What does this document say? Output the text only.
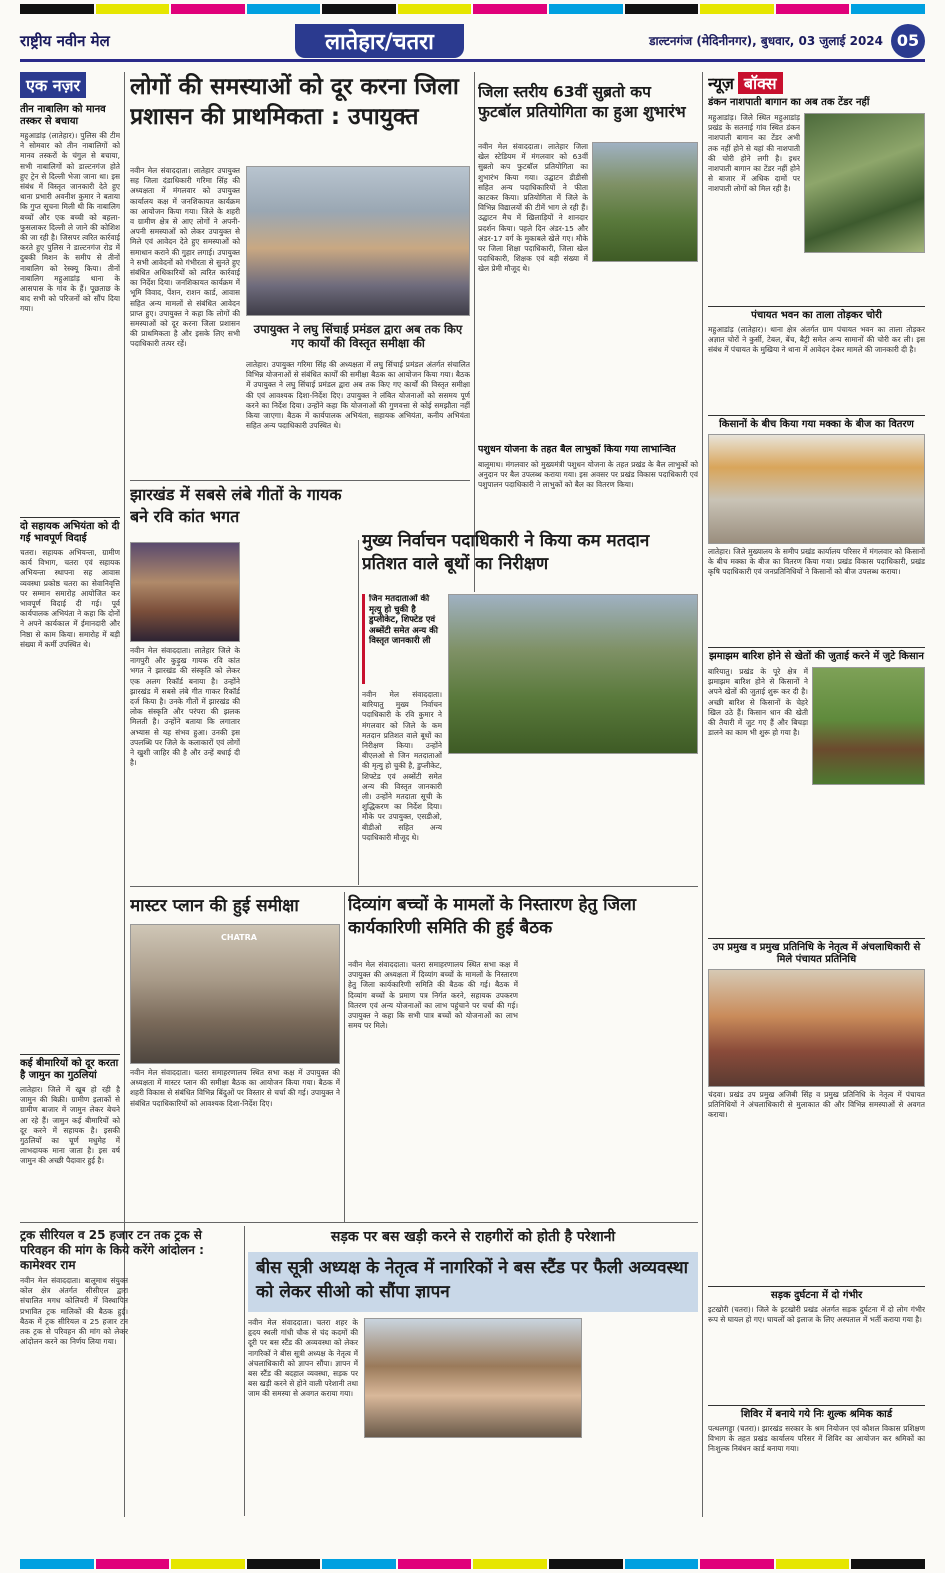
राष्ट्रीय नवीन मेल	लातेहार/चतरा	डाल्टनगंज (मेदिनीनगर), बुधवार, 03 जुलाई 2024 05
एक नज़र
तीन नाबालिग को मानव तस्कर से बचाया
महुआडांड़ (लातेहार)। पुलिस की टीम ने सोमवार को तीन नाबालिगों को मानव तस्करों के चंगुल से बचाया, सभी नाबालिगों को डाल्टनगंज होते हुए ट्रेन से दिल्ली भेजा जाना था। इस संबंध में विस्तृत जानकारी देते हुए थाना प्रभारी अवनीश कुमार ने बताया कि गुप्त सूचना मिली थी कि नाबालिग बच्चों और एक बच्ची को बहला-फुसलाकर दिल्ली ले जाने की कोशिश की जा रही है। जिसपर त्वरित कार्रवाई करते हुए पुलिस ने डाल्टनगंज रोड में दुबकी मिशन के समीप से तीनों नाबालिग को रेस्क्यू किया। तीनों नाबालिग महुआडांड़ थाना के आसपास के गांव के हैं। पूछताछ के बाद सभी को परिजनों को सौंप दिया गया।
दो सहायक अभियंता को दी गई भावपूर्ण विदाई
चतरा। सहायक अभियन्ता, ग्रामीण कार्य विभाग, चतरा एवं सहायक अभियन्ता स्थापना सह आवास व्यवस्था प्रकोष्ठ चतरा का सेवानिवृत्ति पर सम्मान समारोह आयोजित कर भावपूर्ण विदाई दी गई। पूर्व कार्यपालक अभियंता ने कहा कि दोनों ने अपने कार्यकाल में ईमानदारी और निष्ठा से काम किया। समारोह में बड़ी संख्या में कर्मी उपस्थित थे।
कई बीमारियों को दूर करता है जामुन का गुठलियां
लातेहार। जिले में खूब हो रही है जामुन की बिक्री। ग्रामीण इलाकों से ग्रामीण बाजार में जामुन लेकर बेचने आ रहे हैं। जामुन कई बीमारियों को दूर करने में सहायक है। इसकी गुठलियों का चूर्ण मधुमेह में लाभदायक माना जाता है। इस वर्ष जामुन की अच्छी पैदावार हुई है।
लोगों की समस्याओं को दूर करना जिला प्रशासन की प्राथमिकता : उपायुक्त
नवीन मेल संवाददाता। लातेहार उपायुक्त सह जिला दंडाधिकारी गरिमा सिंह की अध्यक्षता में मंगलवार को उपायुक्त कार्यालय कक्ष में जनशिकायत कार्यक्रम का आयोजन किया गया। जिले के शहरी व ग्रामीण क्षेत्र से आए लोगों ने अपनी-अपनी समस्याओं को लेकर उपायुक्त से मिले एवं आवेदन देते हुए समस्याओं को समाधान कराने की गुहार लगाई। उपायुक्त ने सभी आवेदनों को गंभीरता से सुनते हुए संबंधित अधिकारियों को त्वरित कार्रवाई का निर्देश दिया। जनशिकायत कार्यक्रम में भूमि विवाद, पेंशन, राशन कार्ड, आवास सहित अन्य मामलों से संबंधित आवेदन प्राप्त हुए। उपायुक्त ने कहा कि लोगों की समस्याओं को दूर करना जिला प्रशासन की प्राथमिकता है और इसके लिए सभी पदाधिकारी तत्पर रहें।
उपायुक्त ने लघु सिंचाई प्रमंडल द्वारा अब तक किए गए कार्यों की विस्तृत समीक्षा की
लातेहार। उपायुक्त गरिमा सिंह की अध्यक्षता में लघु सिंचाई प्रमंडल अंतर्गत संचालित विभिन्न योजनाओं से संबंधित कार्यों की समीक्षा बैठक का आयोजन किया गया। बैठक में उपायुक्त ने लघु सिंचाई प्रमंडल द्वारा अब तक किए गए कार्यों की विस्तृत समीक्षा की एवं आवश्यक दिशा-निर्देश दिए। उपायुक्त ने लंबित योजनाओं को ससमय पूर्ण करने का निर्देश दिया। उन्होंने कहा कि योजनाओं की गुणवत्ता से कोई समझौता नहीं किया जाएगा। बैठक में कार्यपालक अभियंता, सहायक अभियंता, कनीय अभियंता सहित अन्य पदाधिकारी उपस्थित थे।
जिला स्तरीय 63वीं सुब्रतो कप फुटबॉल प्रतियोगिता का हुआ शुभारंभ
नवीन मेल संवाददाता। लातेहार जिला खेल स्टेडियम में मंगलवार को 63वीं सुब्रतो कप फुटबॉल प्रतियोगिता का शुभारंभ किया गया। उद्घाटन डीडीसी सहित अन्य पदाधिकारियों ने फीता काटकर किया। प्रतियोगिता में जिले के विभिन्न विद्यालयों की टीमें भाग ले रही हैं। उद्घाटन मैच में खिलाड़ियों ने शानदार प्रदर्शन किया। पहले दिन अंडर-15 और अंडर-17 वर्ग के मुकाबले खेले गए। मौके पर जिला शिक्षा पदाधिकारी, जिला खेल पदाधिकारी, शिक्षक एवं बड़ी संख्या में खेल प्रेमी मौजूद थे।
पशुधन योजना के तहत बैल लाभुकों किया गया लाभान्वित
बालूमाथ। मंगलवार को मुख्यमंत्री पशुधन योजना के तहत प्रखंड के बैल लाभुकों को अनुदान पर बैल उपलब्ध कराया गया। इस अवसर पर प्रखंड विकास पदाधिकारी एवं पशुपालन पदाधिकारी ने लाभुकों को बैल का वितरण किया।
झारखंड में सबसे लंबे गीतों के गायक बने रवि कांत भगत
नवीन मेल संवाददाता। लातेहार जिले के नागपुरी और कुड़ुख गायक रवि कांत भगत ने झारखंड की संस्कृति को लेकर एक अलग रिकॉर्ड बनाया है। उन्होंने झारखंड में सबसे लंबे गीत गाकर रिकॉर्ड दर्ज किया है। उनके गीतों में झारखंड की लोक संस्कृति और परंपरा की झलक मिलती है। उन्होंने बताया कि लगातार अभ्यास से यह संभव हुआ। उनकी इस उपलब्धि पर जिले के कलाकारों एवं लोगों ने खुशी जाहिर की है और उन्हें बधाई दी है।
मुख्य निर्वाचन पदाधिकारी ने किया कम मतदान प्रतिशत वाले बूथों का निरीक्षण
जिन मतदाताओं की मृत्यु हो चुकी है डुप्लीकेट, शिफ्टेड एवं अब्सेंटी समेत अन्य की विस्तृत जानकारी ली
नवीन मेल संवाददाता। बारियातु मुख्य निर्वाचन पदाधिकारी के रवि कुमार ने मंगलवार को जिले के कम मतदान प्रतिशत वाले बूथों का निरीक्षण किया। उन्होंने बीएलओ से जिन मतदाताओं की मृत्यु हो चुकी है, डुप्लीकेट, शिफ्टेड एवं अब्सेंटी समेत अन्य की विस्तृत जानकारी ली। उन्होंने मतदाता सूची के शुद्धिकरण का निर्देश दिया। मौके पर उपायुक्त, एसडीओ, बीडीओ सहित अन्य पदाधिकारी मौजूद थे।
मास्टर प्लान की हुई समीक्षा
CHATRA
नवीन मेल संवाददाता। चतरा समाहरणालय स्थित सभा कक्ष में उपायुक्त की अध्यक्षता में मास्टर प्लान की समीक्षा बैठक का आयोजन किया गया। बैठक में शहरी विकास से संबंधित विभिन्न बिंदुओं पर विस्तार से चर्चा की गई। उपायुक्त ने संबंधित पदाधिकारियों को आवश्यक दिशा-निर्देश दिए।
दिव्यांग बच्चों के मामलों के निस्तारण हेतु जिला कार्यकारिणी समिति की हुई बैठक
नवीन मेल संवाददाता। चतरा समाहरणालय स्थित सभा कक्ष में उपायुक्त की अध्यक्षता में दिव्यांग बच्चों के मामलों के निस्तारण हेतु जिला कार्यकारिणी समिति की बैठक की गई। बैठक में दिव्यांग बच्चों के प्रमाण पत्र निर्गत करने, सहायक उपकरण वितरण एवं अन्य योजनाओं का लाभ पहुंचाने पर चर्चा की गई। उपायुक्त ने कहा कि सभी पात्र बच्चों को योजनाओं का लाभ समय पर मिले।
ट्रक सीरियल व 25 हजार टन तक ट्रक से परिवहन की मांग के किये करेंगे आंदोलन : कामेश्वर राम
नवीन मेल संवाददाता। बालूमाथ संयुक्त कोल क्षेत्र अंतर्गत सीसीएल द्वारा संचालित मगध कोलियरी में विस्थापित प्रभावित ट्रक मालिकों की बैठक हुई। बैठक में ट्रक सीरियल व 25 हजार टन तक ट्रक से परिवहन की मांग को लेकर आंदोलन करने का निर्णय लिया गया।
सड़क पर बस खड़ी करने से राहगीरों को होती है परेशानी
बीस सूत्री अध्यक्ष के नेतृत्व में नागरिकों ने बस स्टैंड पर फैली अव्यवस्था को लेकर सीओ को सौंपा ज्ञापन
नवीन मेल संवाददाता। चतरा शहर के हृदय स्थली गांधी चौक से चंद कदमों की दूरी पर बस स्टैंड की अव्यवस्था को लेकर नागरिकों ने बीस सूत्री अध्यक्ष के नेतृत्व में अंचलाधिकारी को ज्ञापन सौंपा। ज्ञापन में बस स्टैंड की बदहाल व्यवस्था, सड़क पर बस खड़ी करने से होने वाली परेशानी तथा जाम की समस्या से अवगत कराया गया।
न्यूज़ बॉक्स
डंकन नाशपाती बागान का अब तक टेंडर नहीं
महुआडांड़। जिले स्थित महुआडांड़ प्रखंड के सतनाई गांव स्थित डंकन नाशपाती बागान का टेंडर अभी तक नहीं होने से यहां की नाशपाती की चोरी होने लगी है। इधर नाशपाती बागान का टेंडर नहीं होने से बाजार में अधिक दामों पर नाशपाती लोगों को मिल रही है।
पंचायत भवन का ताला तोड़कर चोरी
महुआडांड़ (लातेहार)। थाना क्षेत्र अंतर्गत ग्राम पंचायत भवन का ताला तोड़कर अज्ञात चोरों ने कुर्सी, टेबल, बेंच, बैट्री समेत अन्य सामानों की चोरी कर ली। इस संबंध में पंचायत के मुखिया ने थाना में आवेदन देकर मामले की जानकारी दी है।
किसानों के बीच किया गया मक्का के बीज का वितरण
लातेहार। जिले मुख्यालय के समीप प्रखंड कार्यालय परिसर में मंगलवार को किसानों के बीच मक्का के बीज का वितरण किया गया। प्रखंड विकास पदाधिकारी, प्रखंड कृषि पदाधिकारी एवं जनप्रतिनिधियों ने किसानों को बीज उपलब्ध कराया।
झमाझम बारिश होने से खेतों की जुताई करने में जुटे किसान
बारियातु। प्रखंड के पूरे क्षेत्र में झमाझम बारिश होने से किसानों ने अपने खेतों की जुताई शुरू कर दी है। अच्छी बारिश से किसानों के चेहरे खिल उठे हैं। किसान धान की खेती की तैयारी में जुट गए हैं और बिचड़ा डालने का काम भी शुरू हो गया है।
उप प्रमुख व प्रमुख प्रतिनिधि के नेतृत्व में अंचलाधिकारी से मिले पंचायत प्रतिनिधि
चंदवा। प्रखंड उप प्रमुख अजिबी सिंह व प्रमुख प्रतिनिधि के नेतृत्व में पंचायत प्रतिनिधियों ने अंचलाधिकारी से मुलाकात की और विभिन्न समस्याओं से अवगत कराया।
सड़क दुर्घटना में दो गंभीर
इटखोरी (चतरा)। जिले के इटखोरी प्रखंड अंतर्गत सड़क दुर्घटना में दो लोग गंभीर रूप से घायल हो गए। घायलों को इलाज के लिए अस्पताल में भर्ती कराया गया है।
शिविर में बनाये गये निः शुल्क श्रमिक कार्ड
पत्थलगड्डा (चतरा)। झारखंड सरकार के श्रम नियोजन एवं कौशल विकास प्रशिक्षण विभाग के तहत प्रखंड कार्यालय परिसर में शिविर का आयोजन कर श्रमिकों का निःशुल्क निबंधन कार्ड बनाया गया।
